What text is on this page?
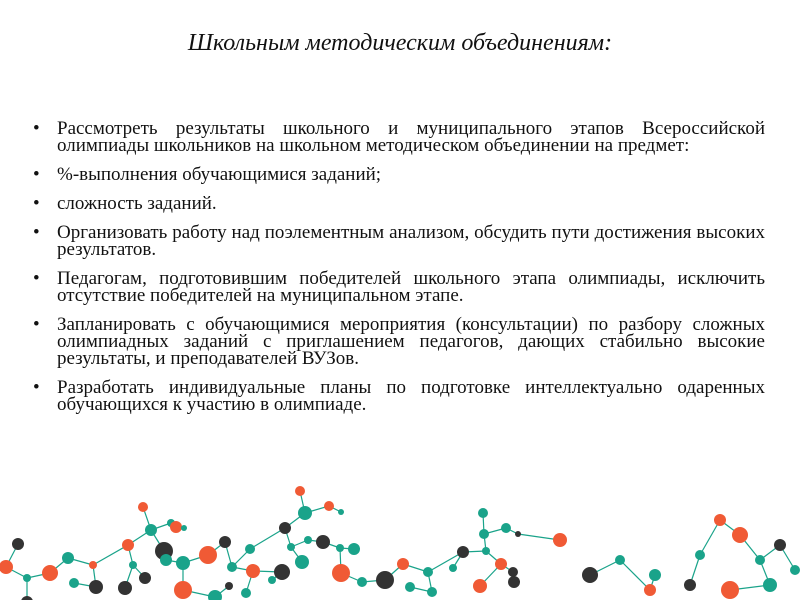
Школьным методическим объединениям:
• Рассмотреть результаты школьного и муниципального этапов Всероссийской олимпиады школьников на школьном методическом объединении на предмет:
• %-выполнения обучающимися заданий;
• сложность заданий.
• Организовать работу над поэлементным анализом, обсудить пути достижения высоких результатов.
• Педагогам, подготовившим победителей школьного этапа олимпиады, исключить отсутствие победителей на муниципальном этапе.
• Запланировать с обучающимися мероприятия (консультации) по разбору сложных олимпиадных заданий с приглашением педагогов, дающих стабильно высокие результаты, и преподавателей ВУЗов.
• Разработать индивидуальные планы по подготовке интеллектуально одаренных обучающихся к участию в олимпиаде.
